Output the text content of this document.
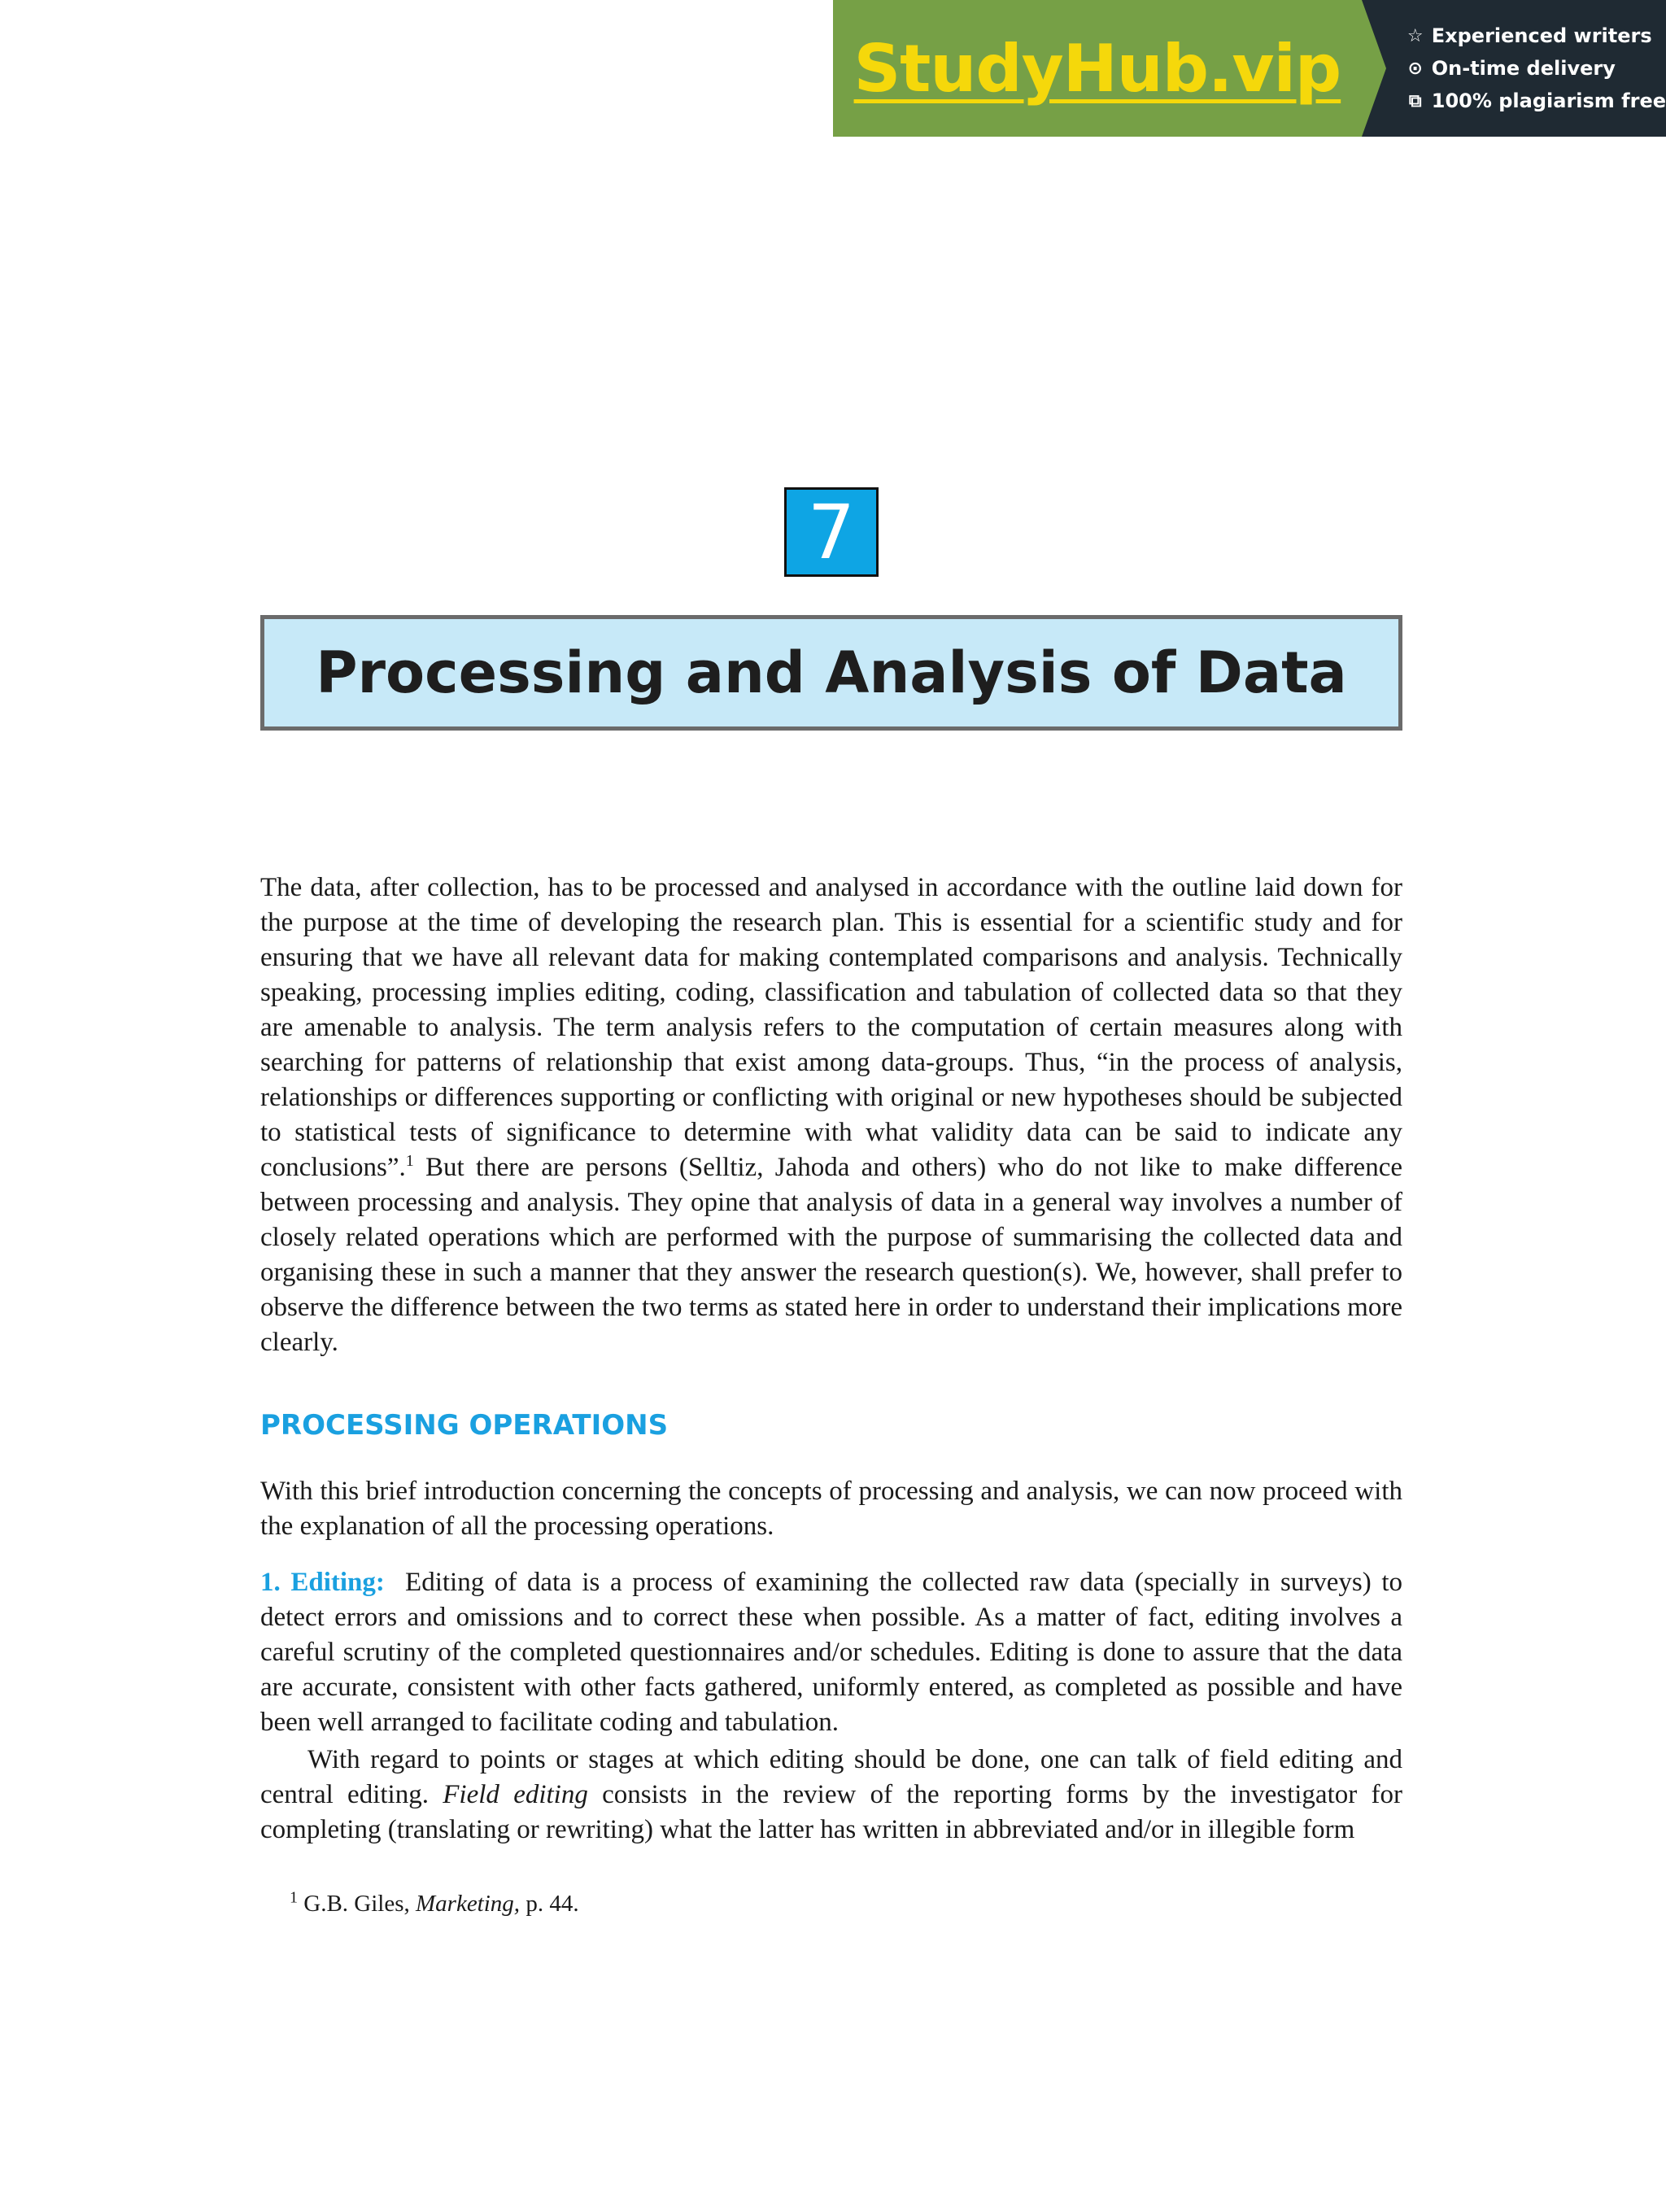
StudyHub.vip	☆ Experienced writers
⊙ On-time delivery
⧉ 100% plagiarism free
7
Processing and Analysis of Data

The data, after collection, has to be processed and analysed in accordance with the outline laid down for the purpose at the time of developing the research plan. This is essential for a scientific study and for ensuring that we have all relevant data for making contemplated comparisons and analysis. Technically speaking, processing implies editing, coding, classification and tabulation of collected data so that they are amenable to analysis. The term analysis refers to the computation of certain measures along with searching for patterns of relationship that exist among data-groups. Thus, “in the process of analysis, relationships or differences supporting or conflicting with original or new hypotheses should be subjected to statistical tests of significance to determine with what validity data can be said to indicate any conclusions”.$^1$ But there are persons (Selltiz, Jahoda and others) who do not like to make difference between processing and analysis. They opine that analysis of data in a general way involves a number of closely related operations which are performed with the purpose of summarising the collected data and organising these in such a manner that they answer the research question(s). We, however, shall prefer to observe the difference between the two terms as stated here in order to understand their implications more clearly.

PROCESSING OPERATIONS

With this brief introduction concerning the concepts of processing and analysis, we can now proceed with the explanation of all the processing operations.

1. Editing: Editing of data is a process of examining the collected raw data (specially in surveys) to detect errors and omissions and to correct these when possible. As a matter of fact, editing involves a careful scrutiny of the completed questionnaires and/or schedules. Editing is done to assure that the data are accurate, consistent with other facts gathered, uniformly entered, as completed as possible and have been well arranged to facilitate coding and tabulation.

With regard to points or stages at which editing should be done, one can talk of field editing and central editing. Field editing consists in the review of the reporting forms by the investigator for completing (translating or rewriting) what the latter has written in abbreviated and/or in illegible form

$^1$ G.B. Giles, Marketing, p. 44.
